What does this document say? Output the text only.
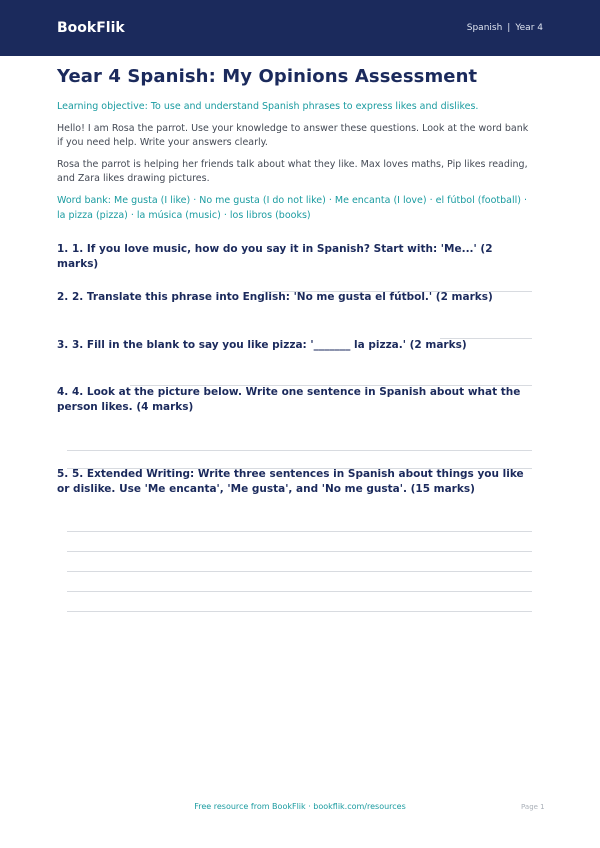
BookFlik	Spanish | Year 4
Year 4 Spanish: My Opinions Assessment
Learning objective: To use and understand Spanish phrases to express likes and dislikes.
Hello! I am Rosa the parrot. Use your knowledge to answer these questions. Look at the word bank if you need help. Write your answers clearly.
Rosa the parrot is helping her friends talk about what they like. Max loves maths, Pip likes reading, and Zara likes drawing pictures.
Word bank: Me gusta (I like) · No me gusta (I do not like) · Me encanta (I love) · el fútbol (football) · la pizza (pizza) · la música (music) · los libros (books)
1. 1. If you love music, how do you say it in Spanish? Start with: 'Me...' (2 marks)
2. 2. Translate this phrase into English: 'No me gusta el fútbol.' (2 marks)
3. 3. Fill in the blank to say you like pizza: '_______ la pizza.' (2 marks)
4. 4. Look at the picture below. Write one sentence in Spanish about what the person likes. (4 marks)
5. 5. Extended Writing: Write three sentences in Spanish about things you like or dislike. Use 'Me encanta', 'Me gusta', and 'No me gusta'. (15 marks)
Free resource from BookFlik · bookflik.com/resources	Page 1
